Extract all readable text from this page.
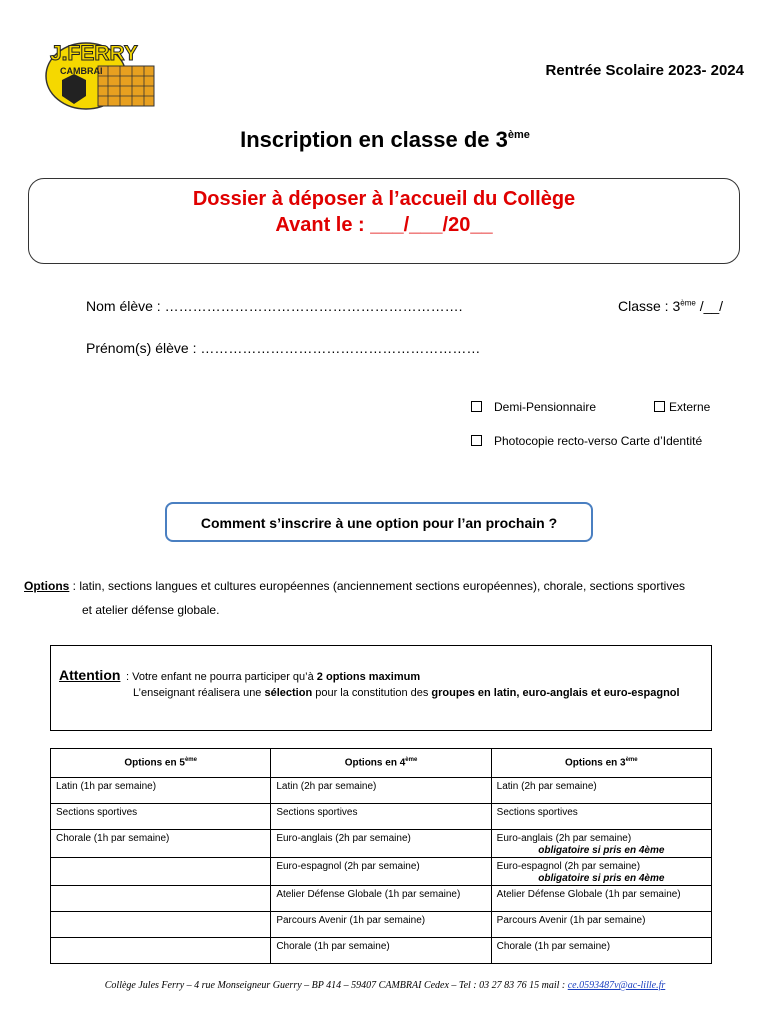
J.FERRY
CAMBRAI	Rentrée Scolaire 2023- 2024
Inscription en classe de 3ème
Dossier à déposer à l’accueil du Collège
Avant le : ___/___/20__
Nom élève : ……………………………………………………….	Classe : 3ème /__/
Prénom(s) élève : ……………………………………………………
Demi-Pensionnaire	Externe
Photocopie recto-verso Carte d’Identité
Comment s’inscrire à une option pour l’an prochain ?
Options : latin, sections langues et cultures européennes (anciennement sections européennes), chorale, sections sportives
et atelier défense globale.
Attention : Votre enfant ne pourra participer qu’à 2 options maximum
L’enseignant réalisera une sélection pour la constitution des groupes en latin, euro-anglais et euro-espagnol
Options en 5ème	Options en 4ème	Options en 3ème
Latin (1h par semaine)	Latin (2h par semaine)	Latin (2h par semaine)
Sections sportives	Sections sportives	Sections sportives
Chorale (1h par semaine)	Euro-anglais (2h par semaine)	Euro-anglais (2h par semaine)
obligatoire si pris en 4ème

	Euro-espagnol (2h par semaine)	Euro-espagnol (2h par semaine)
obligatoire si pris en 4ème

	Atelier Défense Globale (1h par semaine)	Atelier Défense Globale (1h par semaine)
	Parcours Avenir (1h par semaine)	Parcours Avenir (1h par semaine)
	Chorale (1h par semaine)	Chorale (1h par semaine)
Collège Jules Ferry – 4 rue Monseigneur Guerry – BP 414 – 59407 CAMBRAI Cedex – Tel : 03 27 83 76 15 mail : ce.0593487v@ac-lille.fr
